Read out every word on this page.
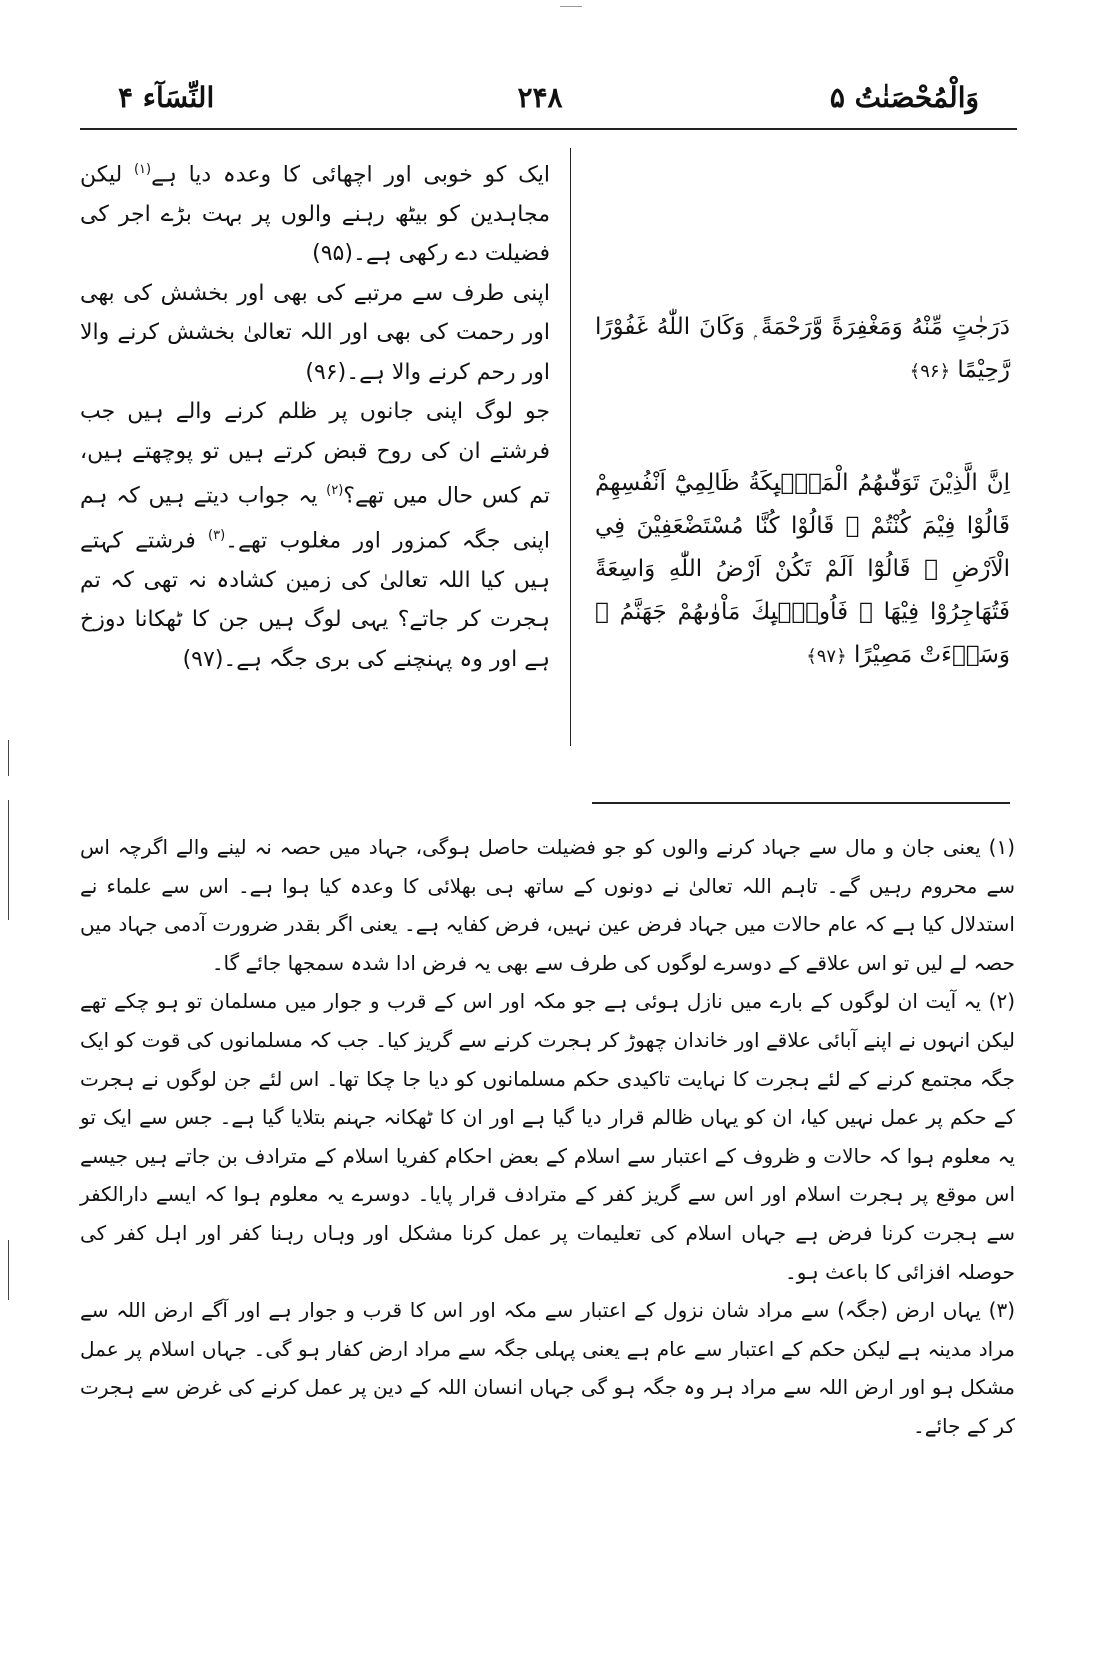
وَالْمُحْصَنٰتُ ۵
۲۴۸
النِّسَآء ۴

ایک کو خوبی اور اچھائی کا وعدہ دیا ہے$^{(۱)}$ لیکن مجاہدین کو بیٹھ رہنے والوں پر بہت بڑے اجر کی فضیلت دے رکھی ہے۔(۹۵)

اپنی طرف سے مرتبے کی بھی اور بخشش کی بھی اور رحمت کی بھی اور اللہ تعالیٰ بخشش کرنے والا اور رحم کرنے والا ہے۔(۹۶)

جو لوگ اپنی جانوں پر ظلم کرنے والے ہیں جب فرشتے ان کی روح قبض کرتے ہیں تو پوچھتے ہیں، تم کس حال میں تھے؟$^{(۲)}$ یہ جواب دیتے ہیں کہ ہم اپنی جگہ کمزور اور مغلوب تھے۔$^{(۳)}$ فرشتے کہتے ہیں کیا اللہ تعالیٰ کی زمین کشادہ نہ تھی کہ تم ہجرت کر جاتے؟ یہی لوگ ہیں جن کا ٹھکانا دوزخ ہے اور وہ پہنچنے کی بری جگہ ہے۔(۹۷)

دَرَجٰتٍ مِّنْهُ وَمَغْفِرَةً وَّرَحْمَةً ۭ وَكَانَ اللّٰهُ غَفُوْرًا رَّحِيْمًا ﴿۹۶﴾

اِنَّ الَّذِيْنَ تَوَفّٰىھُمُ الْمَلٰۗىِٕكَةُ ظَالِمِيْٓ اَنْفُسِهِمْ قَالُوْا فِيْمَ كُنْتُمْ ۭ قَالُوْا كُنَّا مُسْتَضْعَفِيْنَ فِي الْاَرْضِ ۭ قَالُوْٓا اَلَمْ تَكُنْ اَرْضُ اللّٰهِ وَاسِعَةً فَتُھَاجِرُوْا فِيْھَا ۭ فَاُولٰۗىِٕكَ مَاْوٰىھُمْ جَهَنَّمُ ۭ وَسَاۗءَتْ مَصِيْرًا ﴿۹۷﴾

(۱) یعنی جان و مال سے جہاد کرنے والوں کو جو فضیلت حاصل ہوگی، جہاد میں حصہ نہ لینے والے اگرچہ اس سے محروم رہیں گے۔ تاہم اللہ تعالیٰ نے دونوں کے ساتھ ہی بھلائی کا وعدہ کیا ہوا ہے۔ اس سے علماء نے استدلال کیا ہے کہ عام حالات میں جہاد فرض عین نہیں، فرض کفایہ ہے۔ یعنی اگر بقدر ضرورت آدمی جہاد میں حصہ لے لیں تو اس علاقے کے دوسرے لوگوں کی طرف سے بھی یہ فرض ادا شدہ سمجھا جائے گا۔

(۲) یہ آیت ان لوگوں کے بارے میں نازل ہوئی ہے جو مکہ اور اس کے قرب و جوار میں مسلمان تو ہو چکے تھے لیکن انہوں نے اپنے آبائی علاقے اور خاندان چھوڑ کر ہجرت کرنے سے گریز کیا۔ جب کہ مسلمانوں کی قوت کو ایک جگہ مجتمع کرنے کے لئے ہجرت کا نہایت تاکیدی حکم مسلمانوں کو دیا جا چکا تھا۔ اس لئے جن لوگوں نے ہجرت کے حکم پر عمل نہیں کیا، ان کو یہاں ظالم قرار دیا گیا ہے اور ان کا ٹھکانہ جہنم بتلایا گیا ہے۔ جس سے ایک تو یہ معلوم ہوا کہ حالات و ظروف کے اعتبار سے اسلام کے بعض احکام کفریا اسلام کے مترادف بن جاتے ہیں جیسے اس موقع پر ہجرت اسلام اور اس سے گریز کفر کے مترادف قرار پایا۔ دوسرے یہ معلوم ہوا کہ ایسے دارالکفر سے ہجرت کرنا فرض ہے جہاں اسلام کی تعلیمات پر عمل کرنا مشکل اور وہاں رہنا کفر اور اہل کفر کی حوصلہ افزائی کا باعث ہو۔

(۳) یہاں ارض (جگہ) سے مراد شان نزول کے اعتبار سے مکہ اور اس کا قرب و جوار ہے اور آگے ارض اللہ سے مراد مدینہ ہے لیکن حکم کے اعتبار سے عام ہے یعنی پہلی جگہ سے مراد ارض کفار ہو گی۔ جہاں اسلام پر عمل مشکل ہو اور ارض اللہ سے مراد ہر وہ جگہ ہو گی جہاں انسان اللہ کے دین پر عمل کرنے کی غرض سے ہجرت کر کے جائے۔
